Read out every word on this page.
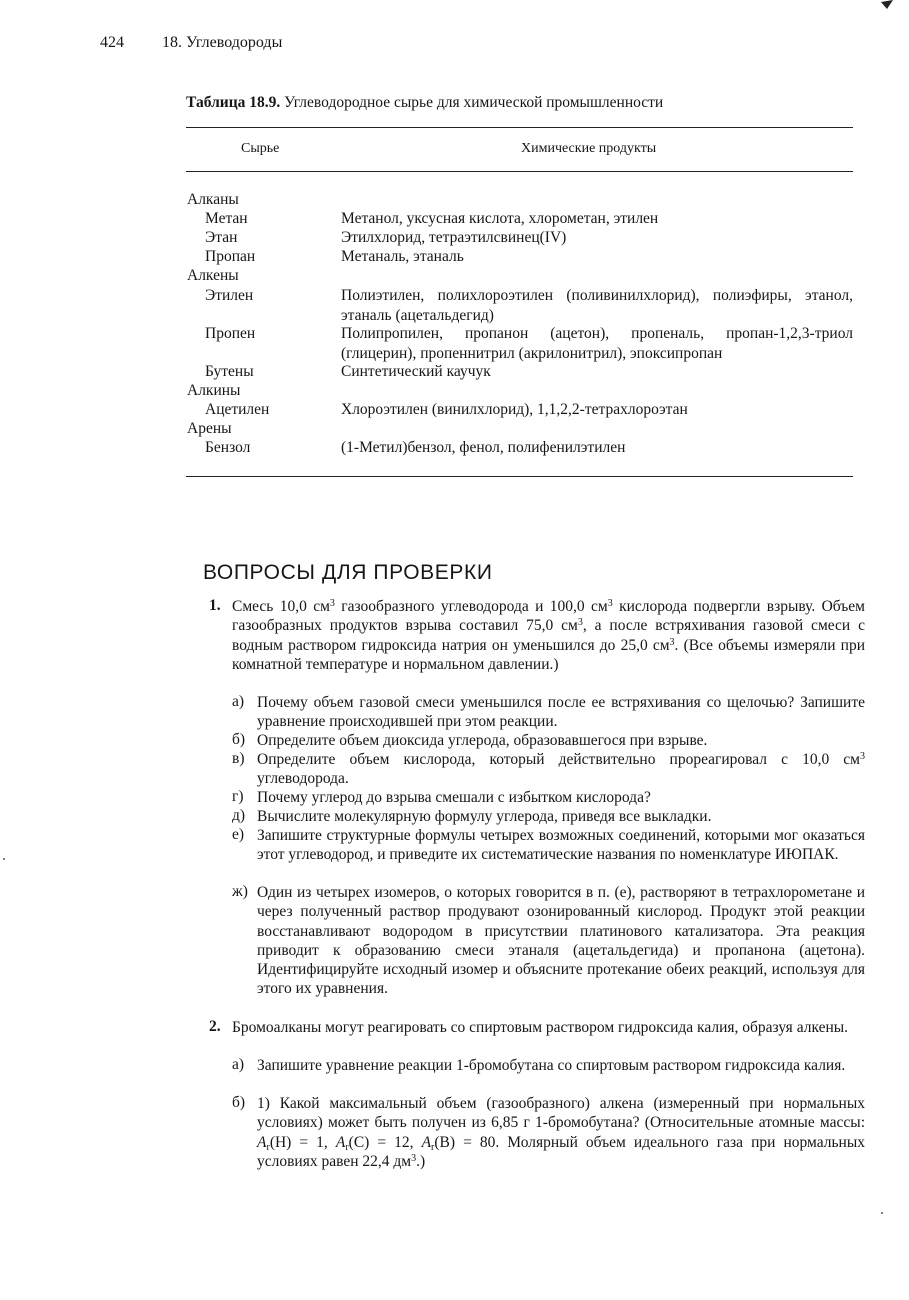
424	18. Углеводороды
Таблица 18.9. Углеводородное сырье для химической промышленности
Сырье	Химические продукты
Алканы
Метан	Метанол, уксусная кислота, хлорометан, этилен
Этан	Этилхлорид, тетраэтилсвинец(IV)
Пропан	Метаналь, этаналь
Алкены
Этилен	Полиэтилен, полихлороэтилен (поливинилхлорид), полиэфиры, этанол, этаналь (ацетальдегид)
Пропен	Полипропилен, пропанон (ацетон), пропеналь, пропан-1,2,3-триол (глицерин), пропеннитрил (акрилонитрил), эпоксипропан
Бутены	Синтетический каучук
Алкины
Ацетилен	Хлороэтилен (винилхлорид), 1,1,2,2-тетрахлороэтан
Арены
Бензол	(1-Метил)бензол, фенол, полифенилэтилен
ВОПРОСЫ ДЛЯ ПРОВЕРКИ
1. Смесь 10,0 $см^3$ газообразного углеводорода и 100,0 $см^3$ кислорода подвергли взрыву. Объем газообразных продуктов взрыва составил 75,0 $см^3$, а после встряхивания газовой смеси с водным раствором гидроксида натрия он уменьшился до 25,0 $см^3$. (Все объемы измеряли при комнатной температуре и нормальном давлении.)
а) Почему объем газовой смеси уменьшился после ее встряхивания со щелочью? Запишите уравнение происходившей при этом реакции.
б) Определите объем диоксида углерода, образовавшегося при взрыве.
в) Определите объем кислорода, который действительно прореагировал с 10,0 $см^3$ углеводорода.
г) Почему углерод до взрыва смешали с избытком кислорода?
д) Вычислите молекулярную формулу углерода, приведя все выкладки.
е) Запишите структурные формулы четырех возможных соединений, которыми мог оказаться этот углеводород, и приведите их систематические названия по номенклатуре ИЮПАК.
ж) Один из четырех изомеров, о которых говорится в п. (е), растворяют в тетрахлорометане и через полученный раствор продувают озонированный кислород. Продукт этой реакции восстанавливают водородом в присутствии платинового катализатора. Эта реакция приводит к образованию смеси этаналя (ацетальдегида) и пропанона (ацетона). Идентифицируйте исходный изомер и объясните протекание обеих реакций, используя для этого их уравнения.
2. Бромоалканы могут реагировать со спиртовым раствором гидроксида калия, образуя алкены.
а) Запишите уравнение реакции 1-бромобутана со спиртовым раствором гидроксида калия.
б) 1) Какой максимальный объем (газообразного) алкена (измеренный при нормальных условиях) может быть получен из 6,85 г 1-бромобутана? (Относительные атомные массы: $A_r(H) = 1$, $A_r(C) = 12$, $A_r(B) = 80$. Молярный объем идеального газа при нормальных условиях равен 22,4 $дм^3$.)
